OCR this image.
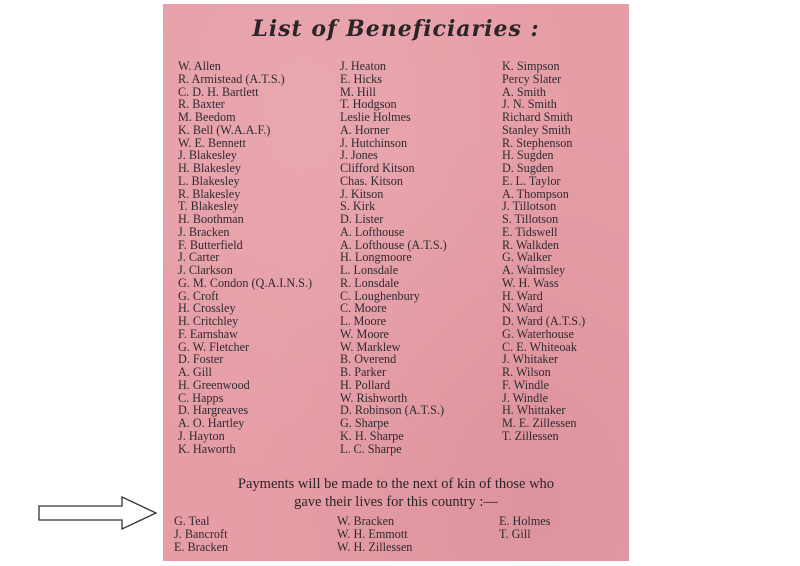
List of Beneficiaries :
W. Allen
R. Armistead (A.T.S.)
C. D. H. Bartlett
R. Baxter
M. Beedom
K. Bell (W.A.A.F.)
W. E. Bennett
J. Blakesley
H. Blakesley
L. Blakesley
R. Blakesley
T. Blakesley
H. Boothman
J. Bracken
F. Butterfield
J. Carter
J. Clarkson
G. M. Condon (Q.A.I.N.S.)
G. Croft
H. Crossley
H. Critchley
F. Earnshaw
G. W. Fletcher
D. Foster
A. Gill
H. Greenwood
C. Happs
D. Hargreaves
A. O. Hartley
J. Hayton
K. Haworth
J. Heaton
E. Hicks
M. Hill
T. Hodgson
Leslie Holmes
A. Horner
J. Hutchinson
J. Jones
Clifford Kitson
Chas. Kitson
J. Kitson
S. Kirk
D. Lister
A. Lofthouse
A. Lofthouse (A.T.S.)
H. Longmoore
L. Lonsdale
R. Lonsdale
C. Loughenbury
C. Moore
L. Moore
W. Moore
W. Marklew
B. Overend
B. Parker
H. Pollard
W. Rishworth
D. Robinson (A.T.S.)
G. Sharpe
K. H. Sharpe
L. C. Sharpe
K. Simpson
Percy Slater
A. Smith
J. N. Smith
Richard Smith
Stanley Smith
R. Stephenson
H. Sugden
D. Sugden
E. L. Taylor
A. Thompson
J. Tillotson
S. Tillotson
E. Tidswell
R. Walkden
G. Walker
A. Walmsley
W. H. Wass
H. Ward
N. Ward
D. Ward (A.T.S.)
G. Waterhouse
C. E. Whiteoak
J. Whitaker
R. Wilson
F. Windle
J. Windle
H. Whittaker
M. E. Zillessen
T. Zillessen
Payments will be made to the next of kin of those who
gave their lives for this country :—
G. Teal
J. Bancroft
E. Bracken
W. Bracken
W. H. Emmott
W. H. Zillessen
E. Holmes
T. Gill
